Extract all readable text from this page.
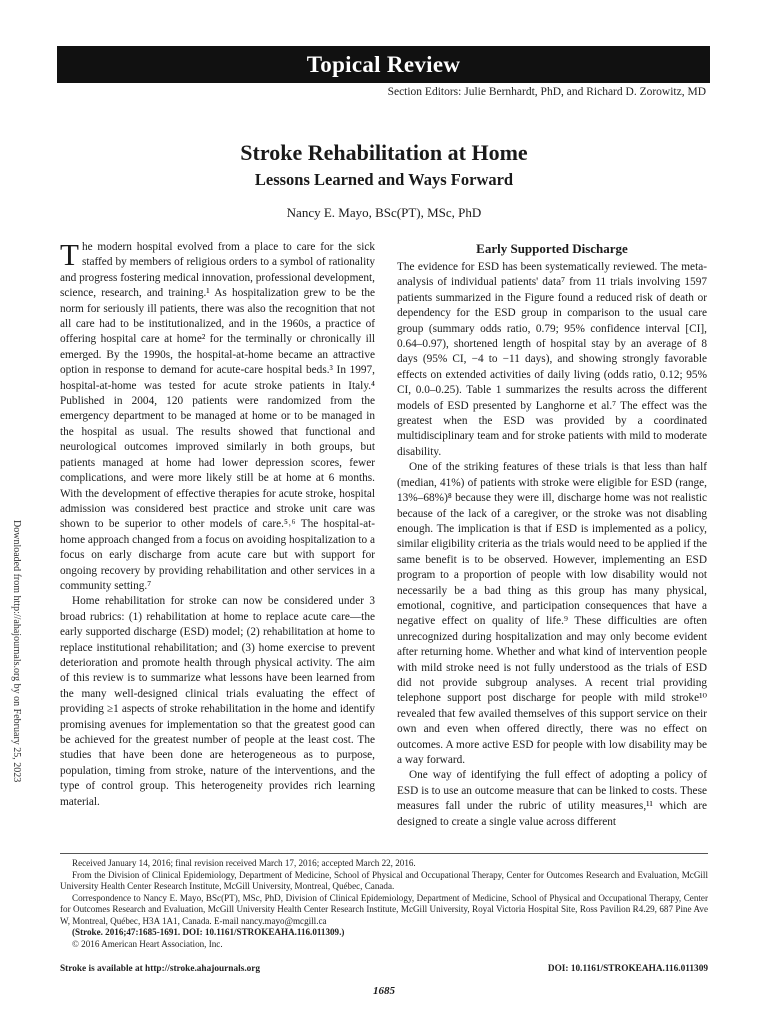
Topical Review
Section Editors: Julie Bernhardt, PhD, and Richard D. Zorowitz, MD
Stroke Rehabilitation at Home
Lessons Learned and Ways Forward
Nancy E. Mayo, BSc(PT), MSc, PhD
Downloaded from http://ahajournals.org by on February 25, 2023

The modern hospital evolved from a place to care for the sick staffed by members of religious orders to a symbol of rationality and progress fostering medical innovation, professional development, science, research, and training.¹ As hospitalization grew to be the norm for seriously ill patients, there was also the recognition that not all care had to be institutionalized, and in the 1960s, a practice of offering hospital care at home² for the terminally or chronically ill emerged. By the 1990s, the hospital-at-home became an attractive option in response to demand for acute-care hospital beds.³ In 1997, hospital-at-home was tested for acute stroke patients in Italy.⁴ Published in 2004, 120 patients were randomized from the emergency department to be managed at home or to be managed in the hospital as usual. The results showed that functional and neurological outcomes improved similarly in both groups, but patients managed at home had lower depression scores, fewer complications, and were more likely still be at home at 6 months. With the development of effective therapies for acute stroke, hospital admission was considered best practice and stroke unit care was shown to be superior to other models of care.⁵˒⁶ The hospital-at-home approach changed from a focus on avoiding hospitalization to a focus on early discharge from acute care but with support for ongoing recovery by providing rehabilitation and other services in a community setting.⁷

Home rehabilitation for stroke can now be considered under 3 broad rubrics: (1) rehabilitation at home to replace acute care—the early supported discharge (ESD) model; (2) rehabilitation at home to replace institutional rehabilitation; and (3) home exercise to prevent deterioration and promote health through physical activity. The aim of this review is to summarize what lessons have been learned from the many well-designed clinical trials evaluating the effect of providing ≥1 aspects of stroke rehabilitation in the home and identify promising avenues for implementation so that the greatest good can be achieved for the greatest number of people at the least cost. The studies that have been done are heterogeneous as to purpose, population, timing from stroke, nature of the interventions, and the type of control group. This heterogeneity provides rich learning material.

Early Supported Discharge

The evidence for ESD has been systematically reviewed. The meta-analysis of individual patients' data⁷ from 11 trials involving 1597 patients summarized in the Figure found a reduced risk of death or dependency for the ESD group in comparison to the usual care group (summary odds ratio, 0.79; 95% confidence interval [CI], 0.64–0.97), shortened length of hospital stay by an average of 8 days (95% CI, −4 to −11 days), and showing strongly favorable effects on extended activities of daily living (odds ratio, 0.12; 95% CI, 0.0–0.25). Table 1 summarizes the results across the different models of ESD presented by Langhorne et al.⁷ The effect was the greatest when the ESD was provided by a coordinated multidisciplinary team and for stroke patients with mild to moderate disability.

One of the striking features of these trials is that less than half (median, 41%) of patients with stroke were eligible for ESD (range, 13%–68%)⁸ because they were ill, discharge home was not realistic because of the lack of a caregiver, or the stroke was not disabling enough. The implication is that if ESD is implemented as a policy, similar eligibility criteria as the trials would need to be applied if the same benefit is to be observed. However, implementing an ESD program to a proportion of people with low disability would not necessarily be a bad thing as this group has many physical, emotional, cognitive, and participation consequences that have a negative effect on quality of life.⁹ These difficulties are often unrecognized during hospitalization and may only become evident after returning home. Whether and what kind of intervention people with mild stroke need is not fully understood as the trials of ESD did not provide subgroup analyses. A recent trial providing telephone support post discharge for people with mild stroke¹⁰ revealed that few availed themselves of this support service on their own and even when offered directly, there was no effect on outcomes. A more active ESD for people with low disability may be a way forward.

One way of identifying the full effect of adopting a policy of ESD is to use an outcome measure that can be linked to costs. These measures fall under the rubric of utility measures,¹¹ which are designed to create a single value across different

Received January 14, 2016; final revision received March 17, 2016; accepted March 22, 2016.

From the Division of Clinical Epidemiology, Department of Medicine, School of Physical and Occupational Therapy, Center for Outcomes Research and Evaluation, McGill University Health Center Research Institute, McGill University, Montreal, Québec, Canada.

Correspondence to Nancy E. Mayo, BSc(PT), MSc, PhD, Division of Clinical Epidemiology, Department of Medicine, School of Physical and Occupational Therapy, Center for Outcomes Research and Evaluation, McGill University Health Center Research Institute, McGill University, Royal Victoria Hospital Site, Ross Pavilion R4.29, 687 Pine Ave W, Montreal, Québec, H3A 1A1, Canada. E-mail nancy.mayo@mcgill.ca

(Stroke. 2016;47:1685-1691. DOI: 10.1161/STROKEAHA.116.011309.)

© 2016 American Heart Association, Inc.

Stroke is available at http://stroke.ahajournals.org	DOI: 10.1161/STROKEAHA.116.011309
1685
